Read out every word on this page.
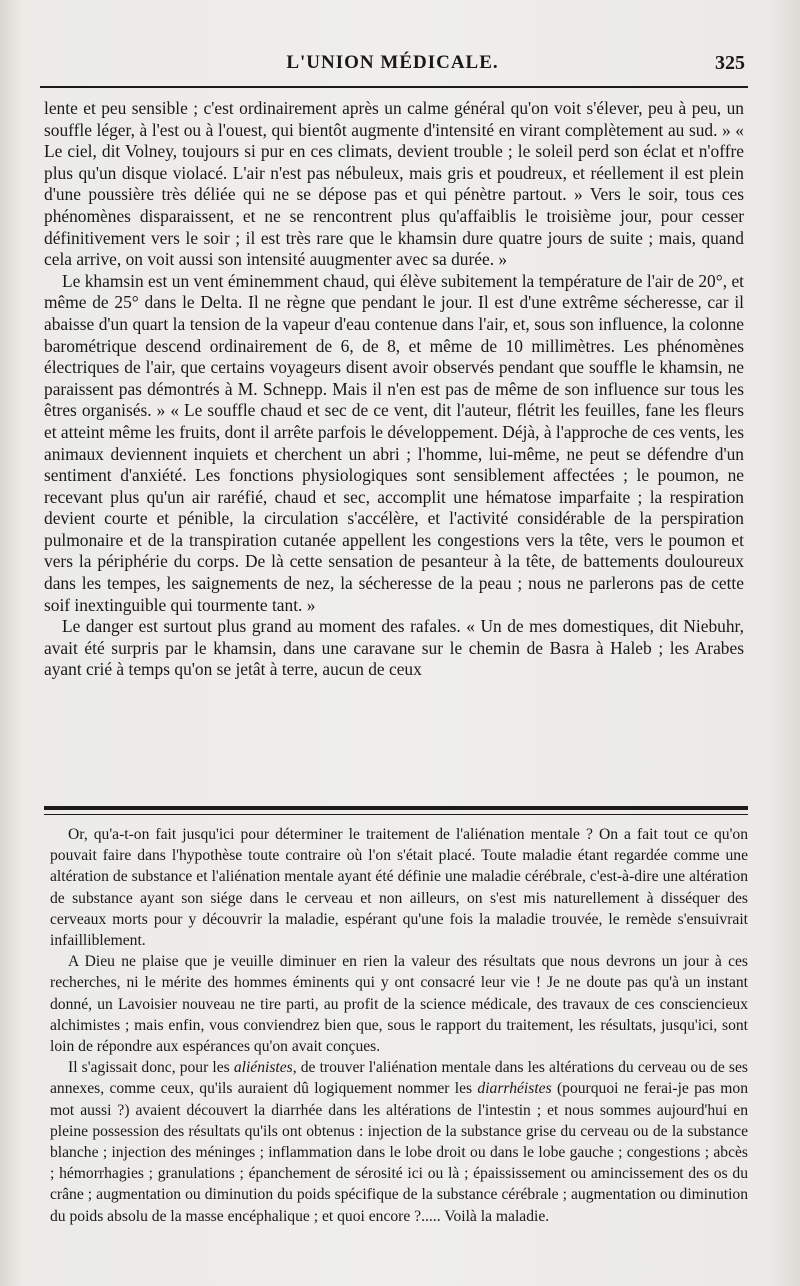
L'UNION MÉDICALE.	325

lente et peu sensible ; c'est ordinairement après un calme général qu'on voit s'élever, peu à peu, un souffle léger, à l'est ou à l'ouest, qui bientôt augmente d'intensité en virant complètement au sud. » « Le ciel, dit Volney, toujours si pur en ces climats, devient trouble ; le soleil perd son éclat et n'offre plus qu'un disque violacé. L'air n'est pas nébuleux, mais gris et poudreux, et réellement il est plein d'une poussière très déliée qui ne se dépose pas et qui pénètre partout. » Vers le soir, tous ces phénomènes disparaissent, et ne se rencontrent plus qu'affaiblis le troisième jour, pour cesser définitivement vers le soir ; il est très rare que le khamsin dure quatre jours de suite ; mais, quand cela arrive, on voit aussi son intensité auugmenter avec sa durée. »

Le khamsin est un vent éminemment chaud, qui élève subitement la température de l'air de 20°, et même de 25° dans le Delta. Il ne règne que pendant le jour. Il est d'une extrême sécheresse, car il abaisse d'un quart la tension de la vapeur d'eau contenue dans l'air, et, sous son influence, la colonne barométrique descend ordinairement de 6, de 8, et même de 10 millimètres. Les phénomènes électriques de l'air, que certains voyageurs disent avoir observés pendant que souffle le khamsin, ne paraissent pas démontrés à M. Schnepp. Mais il n'en est pas de même de son influence sur tous les êtres organisés. » « Le souffle chaud et sec de ce vent, dit l'auteur, flétrit les feuilles, fane les fleurs et atteint même les fruits, dont il arrête parfois le développement. Déjà, à l'approche de ces vents, les animaux deviennent inquiets et cherchent un abri ; l'homme, lui-même, ne peut se défendre d'un sentiment d'anxiété. Les fonctions physiologiques sont sensiblement affectées ; le poumon, ne recevant plus qu'un air raréfié, chaud et sec, accomplit une hématose imparfaite ; la respiration devient courte et pénible, la circulation s'accélère, et l'activité considérable de la perspiration pulmonaire et de la transpiration cutanée appellent les congestions vers la tête, vers le poumon et vers la périphérie du corps. De là cette sensation de pesanteur à la tête, de battements douloureux dans les tempes, les saignements de nez, la sécheresse de la peau ; nous ne parlerons pas de cette soif inextinguible qui tourmente tant. »

Le danger est surtout plus grand au moment des rafales. « Un de mes domestiques, dit Niebuhr, avait été surpris par le khamsin, dans une caravane sur le chemin de Basra à Haleb ; les Arabes ayant crié à temps qu'on se jetât à terre, aucun de ceux

Or, qu'a-t-on fait jusqu'ici pour déterminer le traitement de l'aliénation mentale ? On a fait tout ce qu'on pouvait faire dans l'hypothèse toute contraire où l'on s'était placé. Toute maladie étant regardée comme une altération de substance et l'aliénation mentale ayant été définie une maladie cérébrale, c'est-à-dire une altération de substance ayant son siége dans le cerveau et non ailleurs, on s'est mis naturellement à disséquer des cerveaux morts pour y découvrir la maladie, espérant qu'une fois la maladie trouvée, le remède s'ensuivrait infailliblement.

A Dieu ne plaise que je veuille diminuer en rien la valeur des résultats que nous devrons un jour à ces recherches, ni le mérite des hommes éminents qui y ont consacré leur vie ! Je ne doute pas qu'à un instant donné, un Lavoisier nouveau ne tire parti, au profit de la science médicale, des travaux de ces consciencieux alchimistes ; mais enfin, vous conviendrez bien que, sous le rapport du traitement, les résultats, jusqu'ici, sont loin de répondre aux espérances qu'on avait conçues.

Il s'agissait donc, pour les aliénistes, de trouver l'aliénation mentale dans les altérations du cerveau ou de ses annexes, comme ceux, qu'ils auraient dû logiquement nommer les diarrhéistes (pourquoi ne ferai-je pas mon mot aussi ?) avaient découvert la diarrhée dans les altérations de l'intestin ; et nous sommes aujourd'hui en pleine possession des résultats qu'ils ont obtenus : injection de la substance grise du cerveau ou de la substance blanche ; injection des méninges ; inflammation dans le lobe droit ou dans le lobe gauche ; congestions ; abcès ; hémorrhagies ; granulations ; épanchement de sérosité ici ou là ; épaississement ou amincissement des os du crâne ; augmentation ou diminution du poids spécifique de la substance cérébrale ; augmentation ou diminution du poids absolu de la masse encéphalique ; et quoi encore ?..... Voilà la maladie.
